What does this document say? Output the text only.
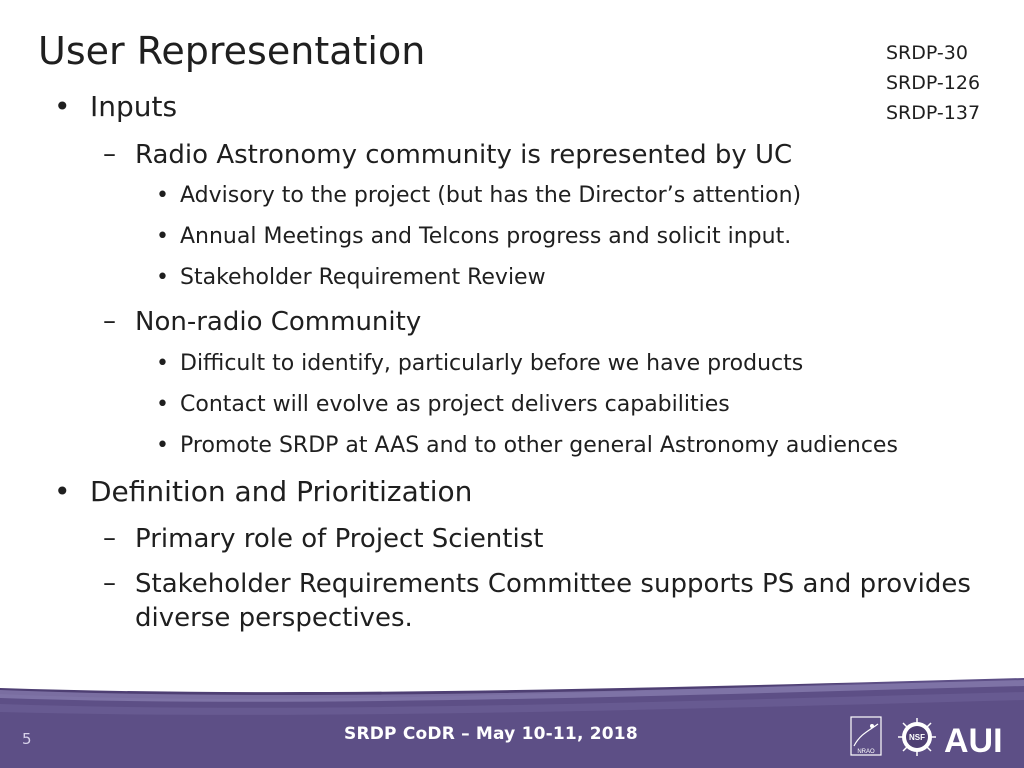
User Representation	SRDP-30
SRDP-126
SRDP-137
• Inputs
– Radio Astronomy community is represented by UC
• Advisory to the project (but has the Director’s attention)
• Annual Meetings and Telcons progress and solicit input.
• Stakeholder Requirement Review
– Non-radio Community
• Difficult to identify, particularly before we have products
• Contact will evolve as project delivers capabilities
• Promote SRDP at AAS and to other general Astronomy audiences
• Definition and Prioritization
– Primary role of Project Scientist
– Stakeholder Requirements Committee supports PS and provides diverse perspectives.
5	SRDP CoDR – May 10-11, 2018
NRAO
NSF AUI
